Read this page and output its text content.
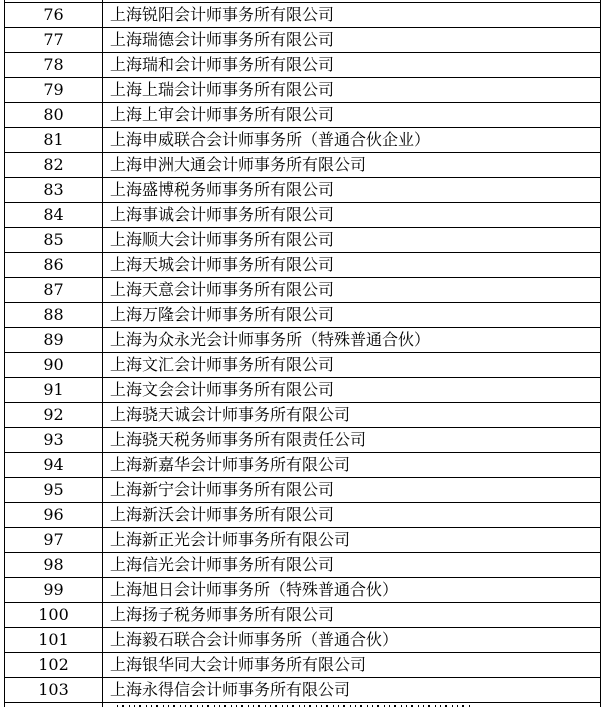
76	上海锐阳会计师事务所有限公司
77	上海瑞德会计师事务所有限公司
78	上海瑞和会计师事务所有限公司
79	上海上瑞会计师事务所有限公司
80	上海上审会计师事务所有限公司
81	上海申威联合会计师事务所（普通合伙企业）
82	上海申洲大通会计师事务所有限公司
83	上海盛博税务师事务所有限公司
84	上海事诚会计师事务所有限公司
85	上海顺大会计师事务所有限公司
86	上海天城会计师事务所有限公司
87	上海天意会计师事务所有限公司
88	上海万隆会计师事务所有限公司
89	上海为众永光会计师事务所（特殊普通合伙）
90	上海文汇会计师事务所有限公司
91	上海文会会计师事务所有限公司
92	上海骁天诚会计师事务所有限公司
93	上海骁天税务师事务所有限责任公司
94	上海新嘉华会计师事务所有限公司
95	上海新宁会计师事务所有限公司
96	上海新沃会计师事务所有限公司
97	上海新正光会计师事务所有限公司
98	上海信光会计师事务所有限公司
99	上海旭日会计师事务所（特殊普通合伙）
100	上海扬子税务师事务所有限公司
101	上海毅石联合会计师事务所（普通合伙）
102	上海银华同大会计师事务所有限公司
103	上海永得信会计师事务所有限公司
